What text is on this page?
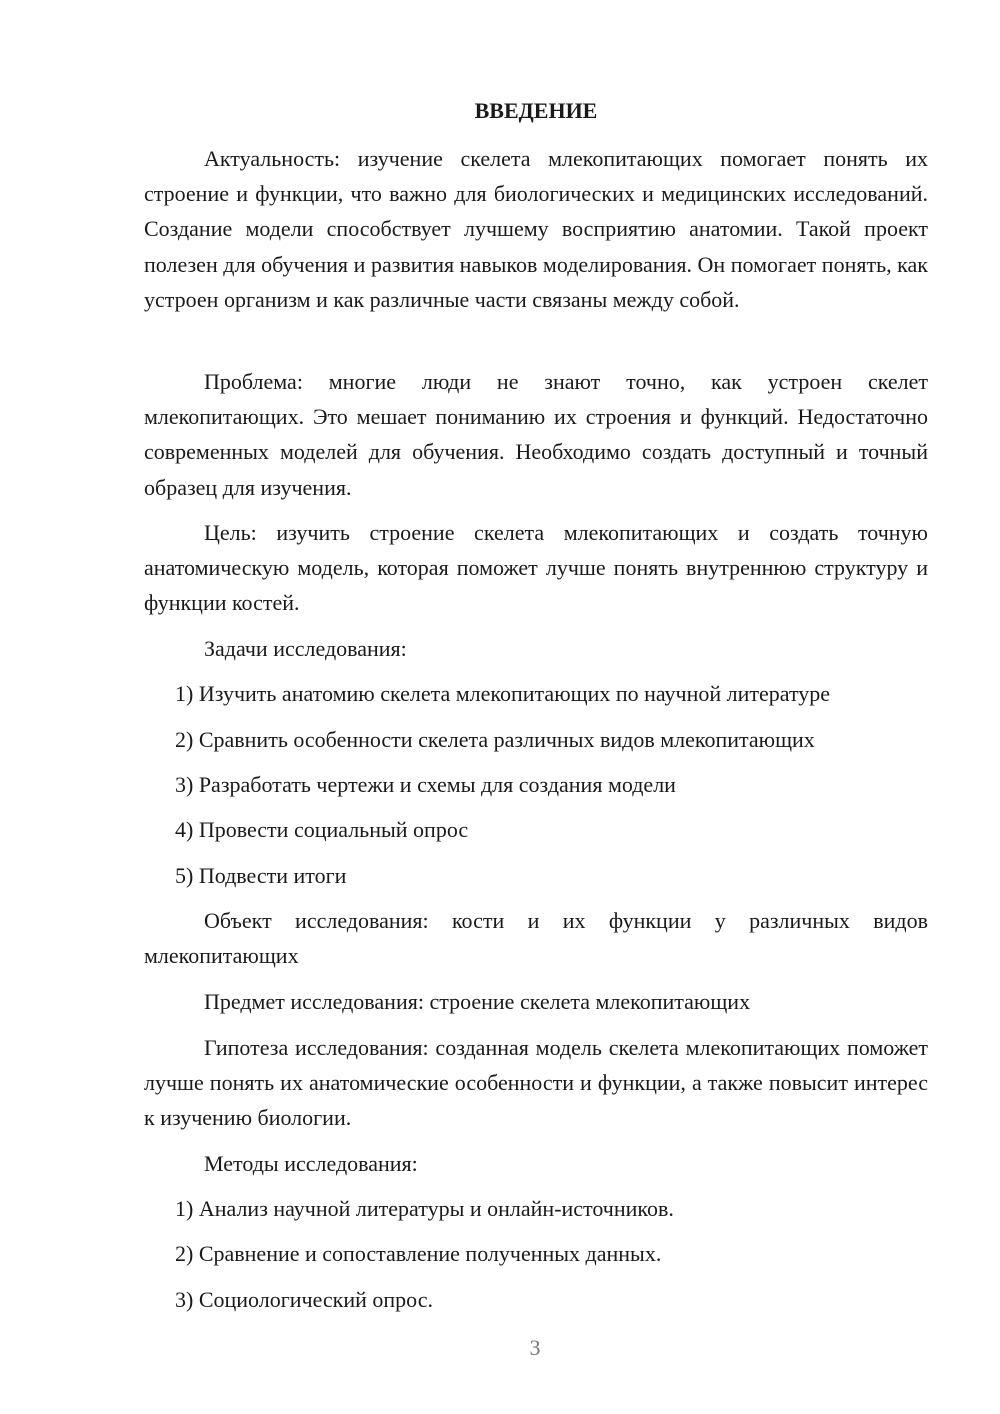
ВВЕДЕНИЕ

Актуальность: изучение скелета млекопитающих помогает понять их строение и функции, что важно для биологических и медицинских исследований. Создание модели способствует лучшему восприятию анатомии. Такой проект полезен для обучения и развития навыков моделирования. Он помогает понять, как устроен организм и как различные части связаны между собой.

Проблема: многие люди не знают точно, как устроен скелет млекопитающих. Это мешает пониманию их строения и функций. Недостаточно современных моделей для обучения. Необходимо создать доступный и точный образец для изучения.

Цель: изучить строение скелета млекопитающих и создать точную анатомическую модель, которая поможет лучше понять внутреннюю структуру и функции костей.

Задачи исследования:

1) Изучить анатомию скелета млекопитающих по научной литературе

2) Сравнить особенности скелета различных видов млекопитающих

3) Разработать чертежи и схемы для создания модели

4) Провести социальный опрос

5) Подвести итоги

Объект исследования: кости и их функции у различных видов млекопитающих

Предмет исследования: строение скелета млекопитающих

Гипотеза исследования: созданная модель скелета млекопитающих поможет лучше понять их анатомические особенности и функции, а также повысит интерес к изучению биологии.

Методы исследования:

1) Анализ научной литературы и онлайн-источников.

2) Сравнение и сопоставление полученных данных.

3) Социологический опрос.

3
